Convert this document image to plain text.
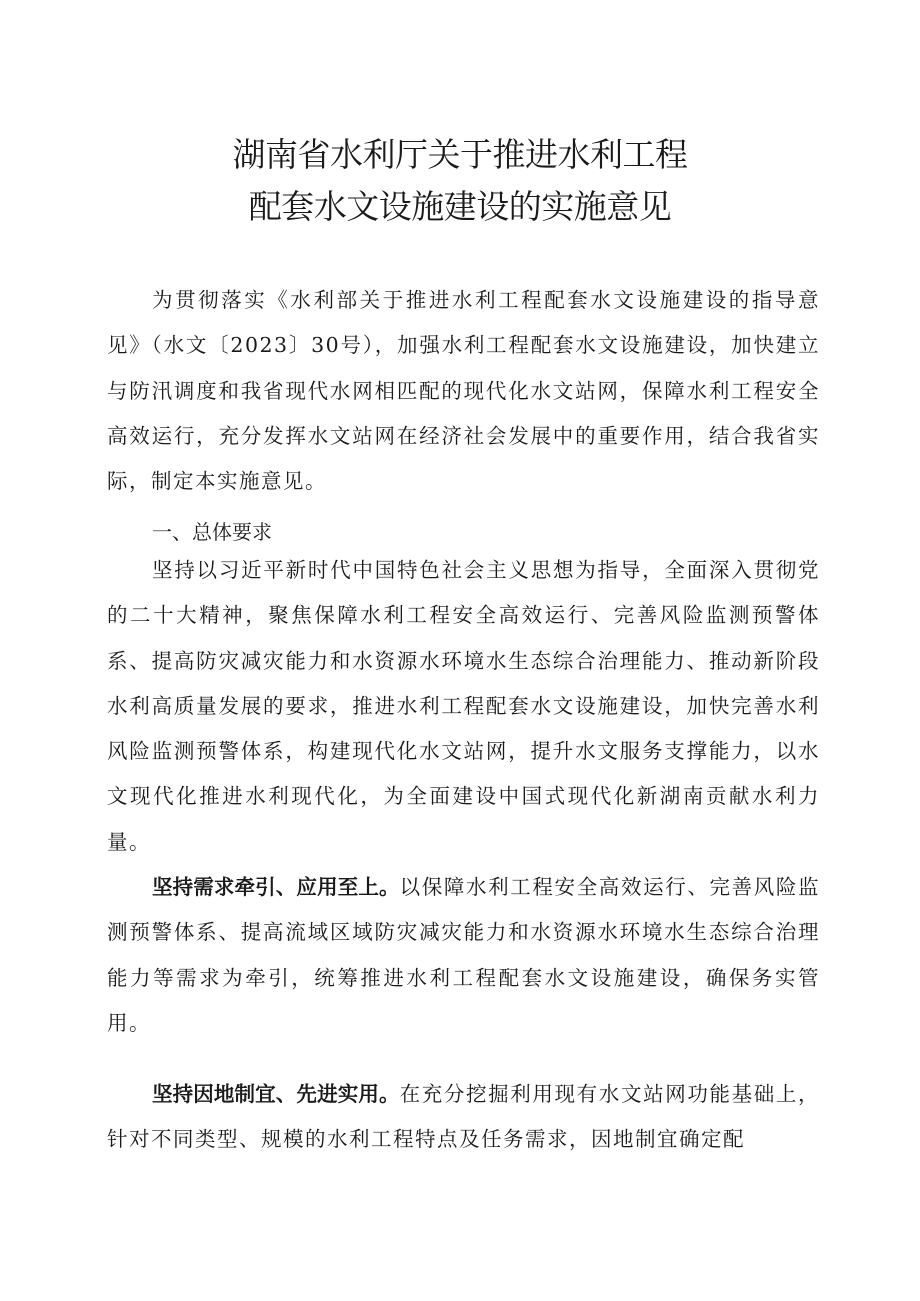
湖南省水利厅关于推进水利工程
配套水文设施建设的实施意见

为贯彻落实《水利部关于推进水利工程配套水文设施建设的指导意见》（水文〔2023〕30号），加强水利工程配套水文设施建设，加快建立与防汛调度和我省现代水网相匹配的现代化水文站网，保障水利工程安全高效运行，充分发挥水文站网在经济社会发展中的重要作用，结合我省实际，制定本实施意见。

一、总体要求

坚持以习近平新时代中国特色社会主义思想为指导，全面深入贯彻党的二十大精神，聚焦保障水利工程安全高效运行、完善风险监测预警体系、提高防灾减灾能力和水资源水环境水生态综合治理能力、推动新阶段水利高质量发展的要求，推进水利工程配套水文设施建设，加快完善水利风险监测预警体系，构建现代化水文站网，提升水文服务支撑能力，以水文现代化推进水利现代化，为全面建设中国式现代化新湖南贡献水利力量。

坚持需求牵引、应用至上。以保障水利工程安全高效运行、完善风险监测预警体系、提高流域区域防灾减灾能力和水资源水环境水生态综合治理能力等需求为牵引，统筹推进水利工程配套水文设施建设，确保务实管用。

坚持因地制宜、先进实用。在充分挖掘利用现有水文站网功能基础上，针对不同类型、规模的水利工程特点及任务需求，因地制宜确定配
